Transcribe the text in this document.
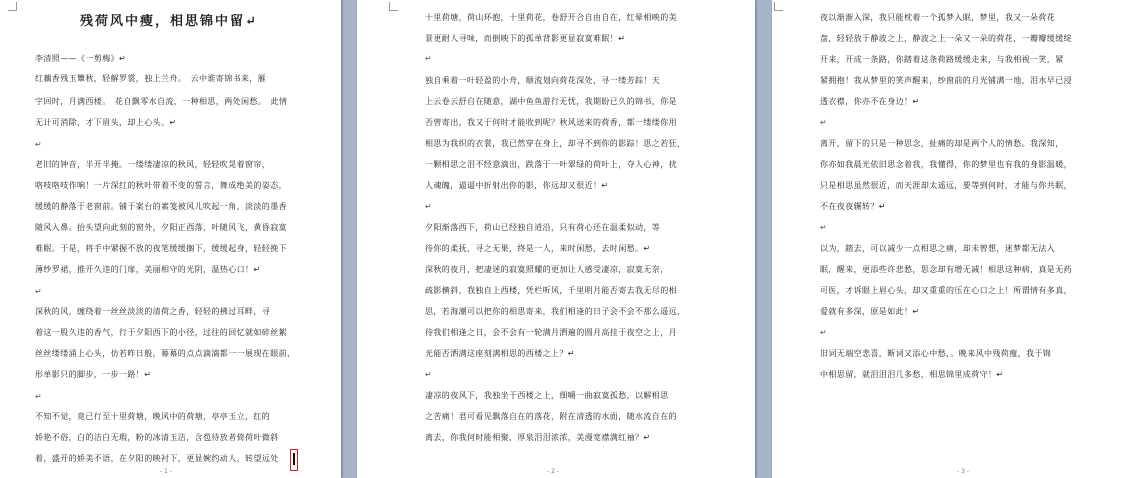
残荷风中瘦，相思锦中留↵
李清照——《一剪梅》↵
红藕香残玉簟秋，轻解罗裳，独上兰舟。　云中谁寄锦书来，雁
字回时，月满西楼。　花自飘零水自流，一种相思，两处闲愁。　此情
无计可消除，才下眉头，却上心头。↵
↵
老旧的钟音，半开半掩。一缕缕凄凉的秋风，轻轻吹晃着窗帘，
咯吱咯吱作响！一片深红的秋叶带着不变的誓言，舞成绝美的姿态，
缓缓的静落于老窗前。铺于案台的素笺被风儿吹起一角，淡淡的墨香
随风入鼻。抬头望向此刻的窗外，夕阳正西落，叶随风飞，黄昏寂寞
难眠。于是，将手中紧握不放的夜笔缓缓搁下，缓缓起身，轻轻挽下
薄纱罗裙，推开久违的门扉，美丽相守的光阴，温热心口！↵
↵
深秋的风，缠绕着一丝丝淡淡的清荷之香，轻轻的拂过耳畔，寻
着这一股久违的香气，行于夕阳西下的小径，过往的回忆就如碎丝絮
丝丝缕缕涌上心头，仿若昨日般，幕幕的点点滴滴都一一展现在眼前，
形单影只的脚步，一步一路！↵
↵
不知不觉，竟已行至十里荷塘，晚风中的荷塘，亭亭玉立，红的
娇艳不俗，白的洁白无瑕，粉的冰清玉洁，含苞待放者倚荷叶微斜
着，盛开的娇美不语，在夕阳的映衬下，更显婉约动人，转望远处
- 1 -
十里荷塘，荷山环抱，十里荷花，卷舒开合自由自在，红晕相映的美
景更耐人寻味，而倒映下的孤单背影更显寂寞难眠！↵
↵
独自乘着一叶轻盈的小舟，顺流划向荷花深处，寻一缕芳踪！天
上云卷云舒自在随意，湖中鱼鱼游行无忧，我期盼已久的锦书，你是
否曾寄出，我又于何时才能收到呢？秋风送来的荷香，都一缕缕你用
相思为我织的衣裳，我已然穿在身上，却寻不到你的影踪！思之若狂，
一颗相思之泪不经意滴出，跌落于一叶翠绿的荷叶上，夺人心神，扰
人魂魄，逼逼中折射出你的影，你远却又很近！↵
↵
夕阳渐落西下，荷山已经独自逍沿，只有荷心还在温柔似动，等
待你的柔抚，寻之无果，终是一人，来时闲愁，去时闲愁。↵
深秋的夜月，把凄迷的寂寞照耀的更加让人感受凄凉，寂寞无奈，
疏影横斜，我独自上西楼，凭栏听风，千里明月能否寄去我无尽的相
思，若海潮可以把你的相思寄来，我们相逢的日子会不会不那么遥远，
待我们相逢之日，会不会有一轮满月洒遍的圆月高挂于夜空之上，月
光能否洒满这座刻满相思的西楼之上？↵
↵
凄凉的夜风下，我独坐于西楼之上，细嚼一曲寂寞孤愁，以解相思
之苦痛！君可看见飘落自在的落花，附在清透的水面，随水流自在的
离去，你我何时能相聚，厚泉泪泪浓浓，美漫宽襟满红袖？↵
- 2 -
夜以渐渐入深，我只能枕着一个孤梦入眠，梦里，我又一朵荷花
盘，轻轻放于静波之上，静波之上一朵又一朵的荷花，一瓣瓣缓缓绽
开来，开成一条路，你踏着这条荷路缓缓走来，与我相视一笑，紧
紧拥抱！我从梦里的笑声醒来，纱窗前的月光铺满一地，泪水早已浸
透衣襟，你亦不在身边！↵
↵
离开，留下的只是一种思念，扯痛的却是两个人的情愁。我深知，
你亦如我晨光依旧思念着我，我懂得，你的梦里也有我的身影温暖，
只是相思虽然很近，而天涯却太遥远，要等到何时，才能与你共眠，
不在夜夜辗转？↵
↵
以为，踏去，可以减少一点相思之痛，却未曾想，迷梦都无法入
眠，醒来，更添些许悲愁，思念却有增无减！相思这种病，真是无药
可医，才诉眼上眉心头，却又重重的压在心口之上！所谓情有多真，
爱就有多深，原是如此！↵
↵
旧词无端空悲喜，断词又添心中愁，。晚来风中残荷瘦，我于锦
中相思留，就泪泪泪几多愁，相思锦里成荷守！↵
- 3 -
